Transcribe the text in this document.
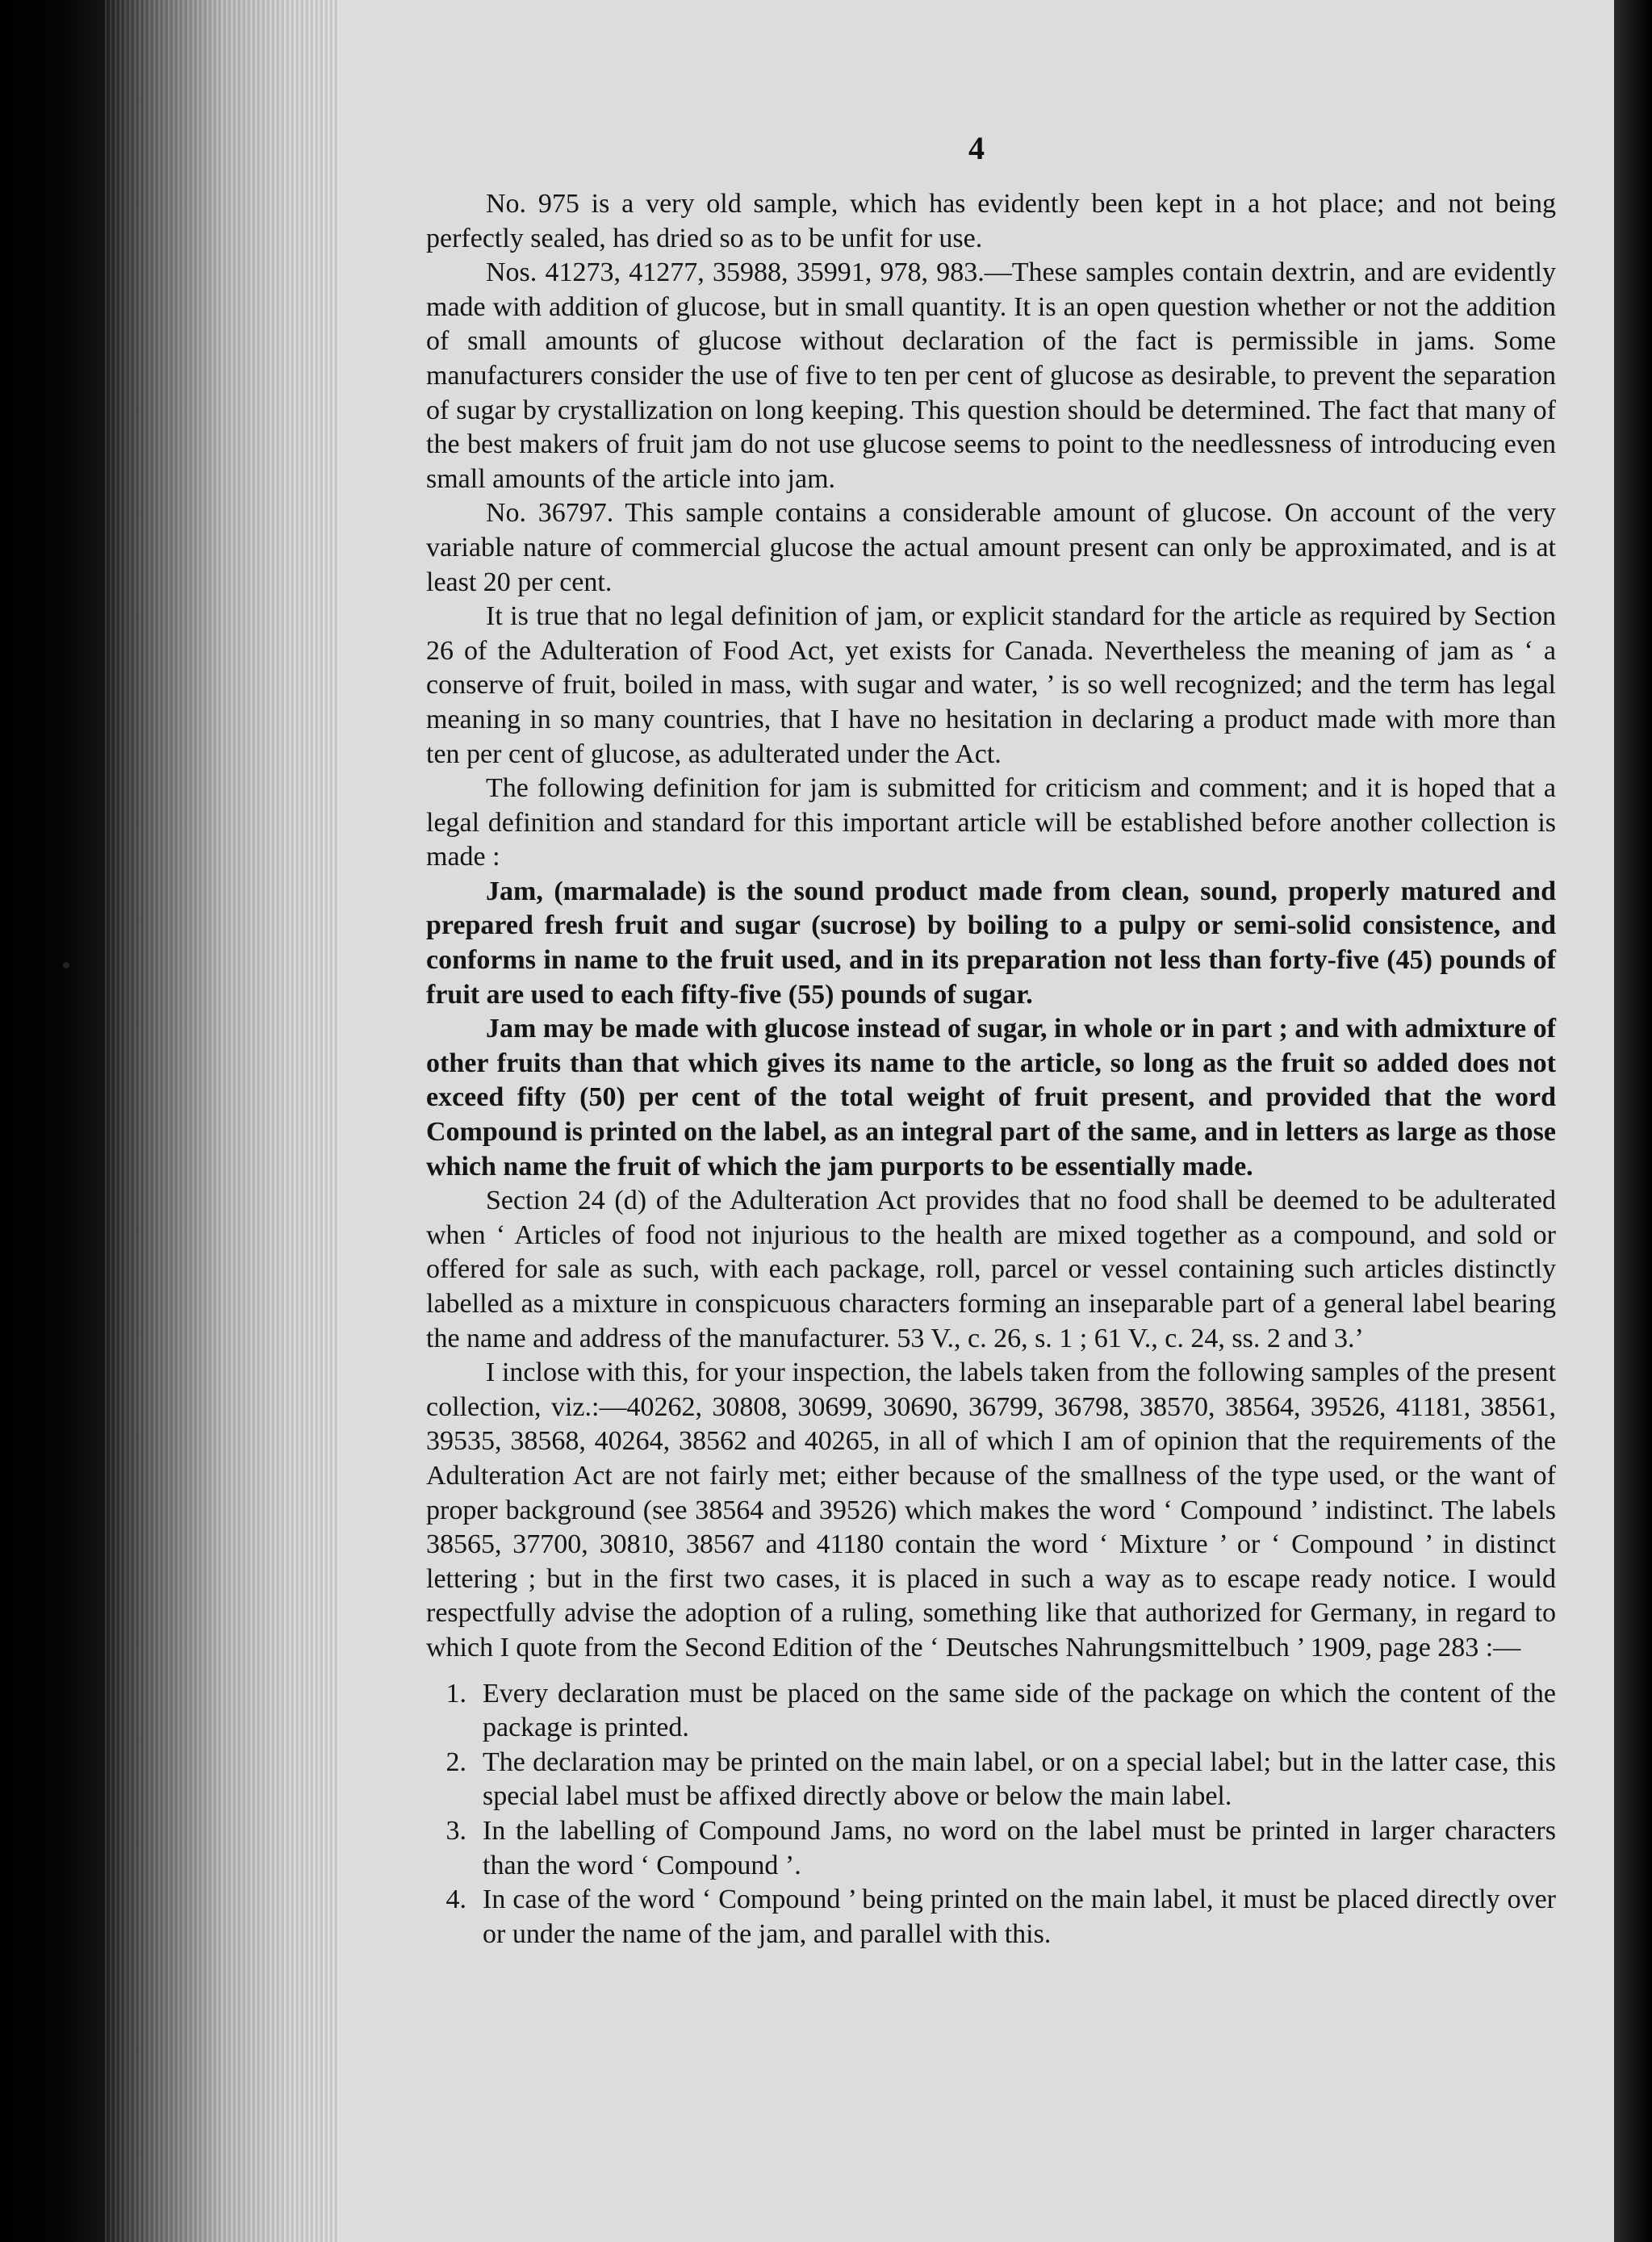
4

No. 975 is a very old sample, which has evidently been kept in a hot place; and not being perfectly sealed, has dried so as to be unfit for use.

Nos. 41273, 41277, 35988, 35991, 978, 983.—These samples contain dextrin, and are evidently made with addition of glucose, but in small quantity. It is an open question whether or not the addition of small amounts of glucose without declaration of the fact is permissible in jams. Some manufacturers consider the use of five to ten per cent of glucose as desirable, to prevent the separation of sugar by crystallization on long keeping. This question should be determined. The fact that many of the best makers of fruit jam do not use glucose seems to point to the needlessness of introducing even small amounts of the article into jam.

No. 36797. This sample contains a considerable amount of glucose. On account of the very variable nature of commercial glucose the actual amount present can only be approximated, and is at least 20 per cent.

It is true that no legal definition of jam, or explicit standard for the article as required by Section 26 of the Adulteration of Food Act, yet exists for Canada. Nevertheless the meaning of jam as ‘ a conserve of fruit, boiled in mass, with sugar and water, ’ is so well recognized; and the term has legal meaning in so many countries, that I have no hesitation in declaring a product made with more than ten per cent of glucose, as adulterated under the Act.

The following definition for jam is submitted for criticism and comment; and it is hoped that a legal definition and standard for this important article will be established before another collection is made :

Jam, (marmalade) is the sound product made from clean, sound, properly matured and prepared fresh fruit and sugar (sucrose) by boiling to a pulpy or semi-solid consistence, and conforms in name to the fruit used, and in its preparation not less than forty-five (45) pounds of fruit are used to each fifty-five (55) pounds of sugar.

Jam may be made with glucose instead of sugar, in whole or in part ; and with admixture of other fruits than that which gives its name to the article, so long as the fruit so added does not exceed fifty (50) per cent of the total weight of fruit present, and provided that the word Compound is printed on the label, as an integral part of the same, and in letters as large as those which name the fruit of which the jam purports to be essentially made.

Section 24 (d) of the Adulteration Act provides that no food shall be deemed to be adulterated when ‘ Articles of food not injurious to the health are mixed together as a compound, and sold or offered for sale as such, with each package, roll, parcel or vessel containing such articles distinctly labelled as a mixture in conspicuous characters forming an inseparable part of a general label bearing the name and address of the manufacturer. 53 V., c. 26, s. 1 ; 61 V., c. 24, ss. 2 and 3.’

I inclose with this, for your inspection, the labels taken from the following samples of the present collection, viz.:—40262, 30808, 30699, 30690, 36799, 36798, 38570, 38564, 39526, 41181, 38561, 39535, 38568, 40264, 38562 and 40265, in all of which I am of opinion that the requirements of the Adulteration Act are not fairly met; either because of the smallness of the type used, or the want of proper background (see 38564 and 39526) which makes the word ‘ Compound ’ indistinct. The labels 38565, 37700, 30810, 38567 and 41180 contain the word ‘ Mixture ’ or ‘ Compound ’ in distinct lettering ; but in the first two cases, it is placed in such a way as to escape ready notice. I would respectfully advise the adoption of a ruling, something like that authorized for Germany, in regard to which I quote from the Second Edition of the ‘ Deutsches Nahrungsmittelbuch ’ 1909, page 283 :—

1. Every declaration must be placed on the same side of the package on which the content of the package is printed.
2. The declaration may be printed on the main label, or on a special label; but in the latter case, this special label must be affixed directly above or below the main label.
3. In the labelling of Compound Jams, no word on the label must be printed in larger characters than the word ‘ Compound ’.
4. In case of the word ‘ Compound ’ being printed on the main label, it must be placed directly over or under the name of the jam, and parallel with this.
